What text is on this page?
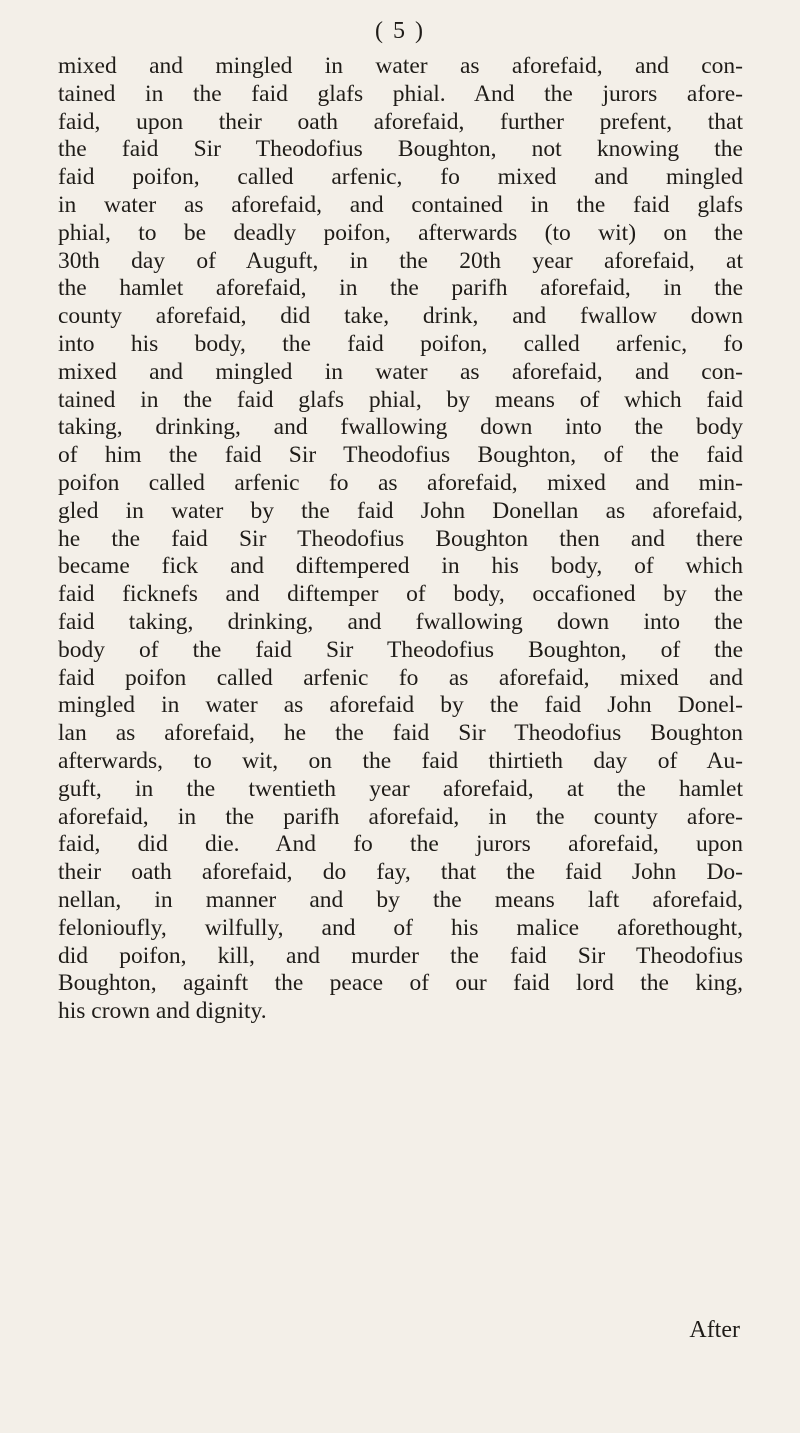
( 5 )
mixed and mingled in water as aforefaid, and con-
tained in the faid glafs phial. And the jurors afore-
faid, upon their oath aforefaid, further prefent, that
the faid Sir Theodofius Boughton, not knowing the
faid poifon, called arfenic, fo mixed and mingled
in water as aforefaid, and contained in the faid glafs
phial, to be deadly poifon, afterwards (to wit) on the
30th day of Auguft, in the 20th year aforefaid, at
the hamlet aforefaid, in the parifh aforefaid, in the
county aforefaid, did take, drink, and fwallow down
into his body, the faid poifon, called arfenic, fo
mixed and mingled in water as aforefaid, and con-
tained in the faid glafs phial, by means of which faid
taking, drinking, and fwallowing down into the body
of him the faid Sir Theodofius Boughton, of the faid
poifon called arfenic fo as aforefaid, mixed and min-
gled in water by the faid John Donellan as aforefaid,
he the faid Sir Theodofius Boughton then and there
became fick and diftempered in his body, of which
faid ficknefs and diftemper of body, occafioned by the
faid taking, drinking, and fwallowing down into the
body of the faid Sir Theodofius Boughton, of the
faid poifon called arfenic fo as aforefaid, mixed and
mingled in water as aforefaid by the faid John Donel-
lan as aforefaid, he the faid Sir Theodofius Boughton
afterwards, to wit, on the faid thirtieth day of Au-
guft, in the twentieth year aforefaid, at the hamlet
aforefaid, in the parifh aforefaid, in the county afore-
faid, did die. And fo the jurors aforefaid, upon
their oath aforefaid, do fay, that the faid John Do-
nellan, in manner and by the means laft aforefaid,
felonioufly, wilfully, and of his malice aforethought,
did poifon, kill, and murder the faid Sir Theodofius
Boughton, againft the peace of our faid lord the king,
his crown and dignity.
After
